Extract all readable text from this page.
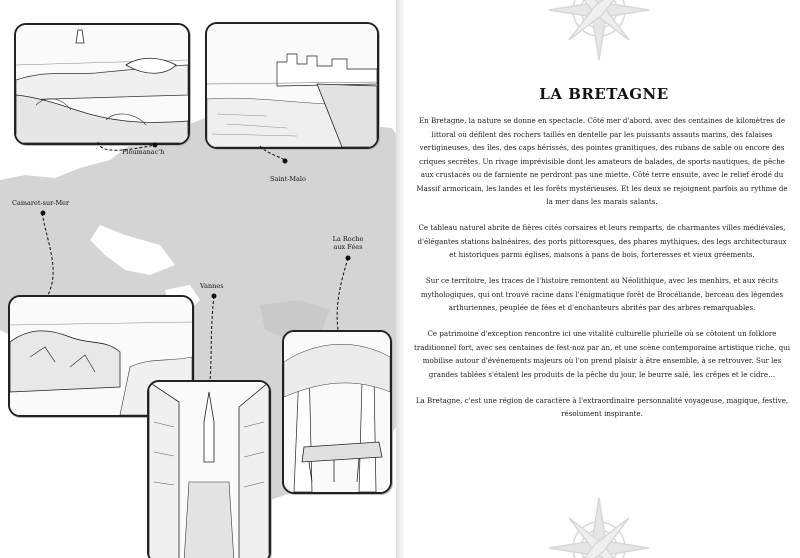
Ploumanac'h
Saint-Malo
Camaret-sur-Mer
La Roche aux Fées
Vannes
LA BRETAGNE

En Bretagne, la nature se donne en spectacle. Côté mer d'abord, avec des centaines de kilomètres de littoral où défilent des rochers taillés en dentelle par les puissants assauts marins, des falaises vertigineuses, des îles, des caps hérissés, des pointes granitiques, des rubans de sable ou encore des criques secrètes. Un rivage imprévisible dont les amateurs de balades, de sports nautiques, de pêche aux crustacés ou de farniente ne perdront pas une miette. Côté terre ensuite, avec le relief érodé du Massif armoricain, les landes et les forêts mystérieuses. Et les deux se rejoignent parfois au rythme de la mer dans les marais salants.

Ce tableau naturel abrite de fières cités corsaires et leurs remparts, de charmantes villes médiévales, d'élégantes stations balnéaires, des ports pittoresques, des phares mythiques, des legs architecturaux et historiques parmi églises, maisons à pans de bois, forteresses et vieux gréements.

Sur ce territoire, les traces de l'histoire remontent au Néolithique, avec les menhirs, et aux récits mythologiques, qui ont trouvé racine dans l'énigmatique forêt de Brocéliande, berceau des légendes arthuriennes, peuplée de fées et d'enchanteurs abrités par des arbres remarquables.

Ce patrimoine d'exception rencontre ici une vitalité culturelle plurielle où se côtoient un folklore traditionnel fort, avec ses centaines de fest-noz par an, et une scène contemporaine artistique riche, qui mobilise autour d'événements majeurs où l'on prend plaisir à être ensemble, à se retrouver. Sur les grandes tablées s'étalent les produits de la pêche du jour, le beurre salé, les crêpes et le cidre…

La Bretagne, c'est une région de caractère à l'extraordinaire personnalité voyageuse, magique, festive, résolument inspirante.
